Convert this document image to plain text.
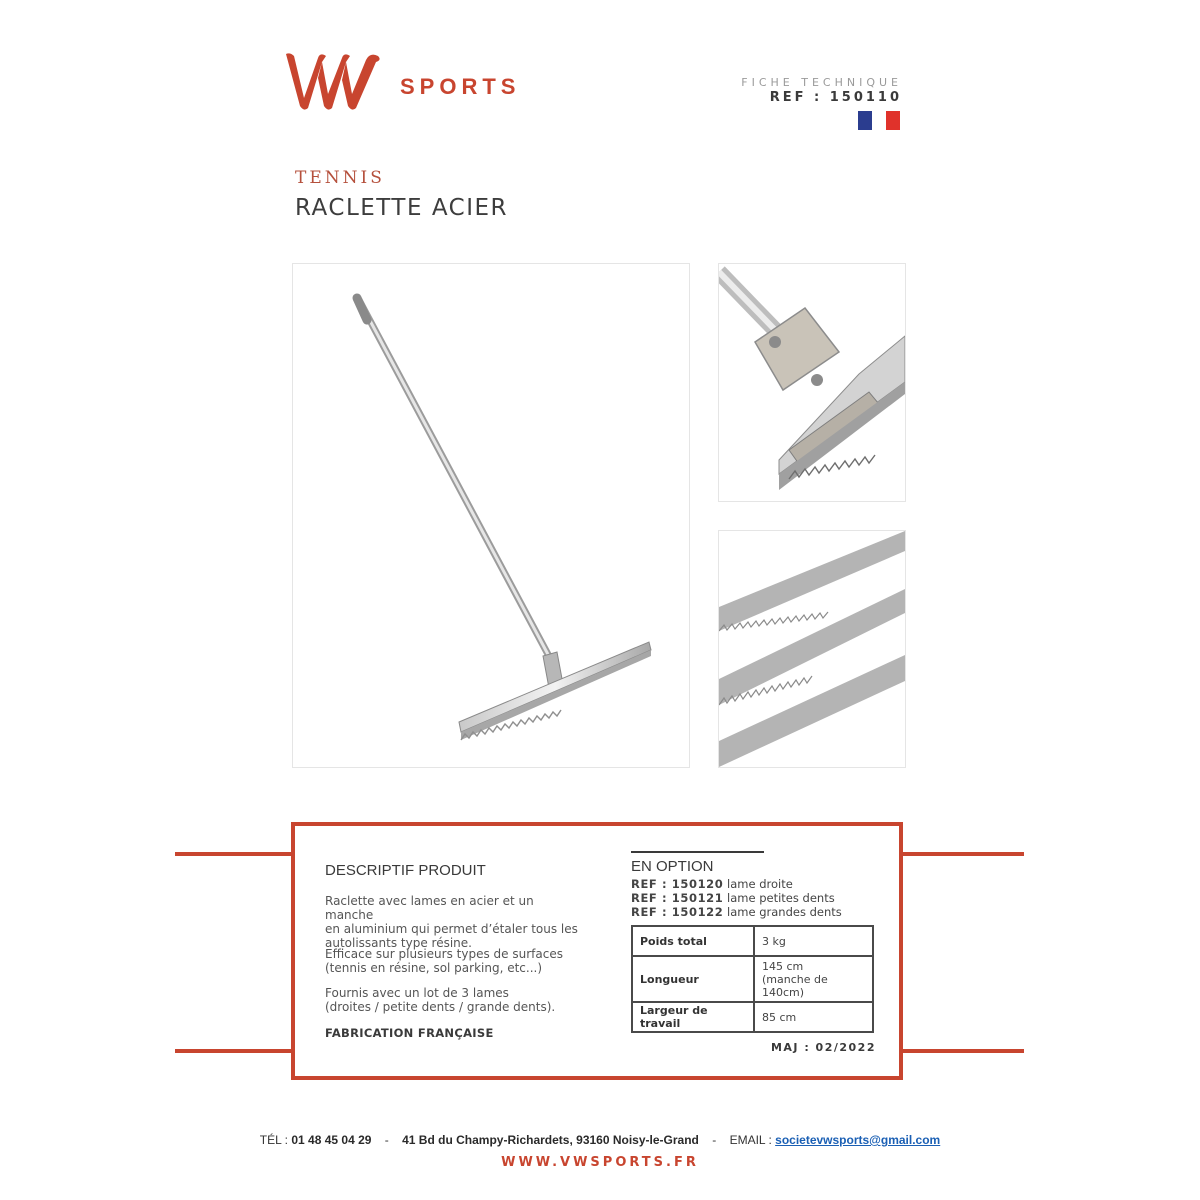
SPORTS	FICHE TECHNIQUE
REF : 150110
TENNIS
RACLETTE ACIER
DESCRIPTIF PRODUIT
Raclette avec lames en acier et un manche
en aluminium qui permet d’étaler tous les
autolissants type résine.
Efficace sur plusieurs types de surfaces
(tennis en résine, sol parking, etc...)
Fournis avec un lot de 3 lames
(droites / petite dents / grande dents).
FABRICATION FRANÇAISE
EN OPTION
REF : 150120 lame droite
REF : 150121 lame petites dents
REF : 150122 lame grandes dents
Poids total	3 kg
Longueur	145 cm
(manche de 140cm)

Largeur de travail	85 cm
MAJ : 02/2022
TÉL : 01 48 45 04 29 - 41 Bd du Champy-Richardets, 93160 Noisy-le-Grand - EMAIL : societevwsports@gmail.com
WWW.VWSPORTS.FR
